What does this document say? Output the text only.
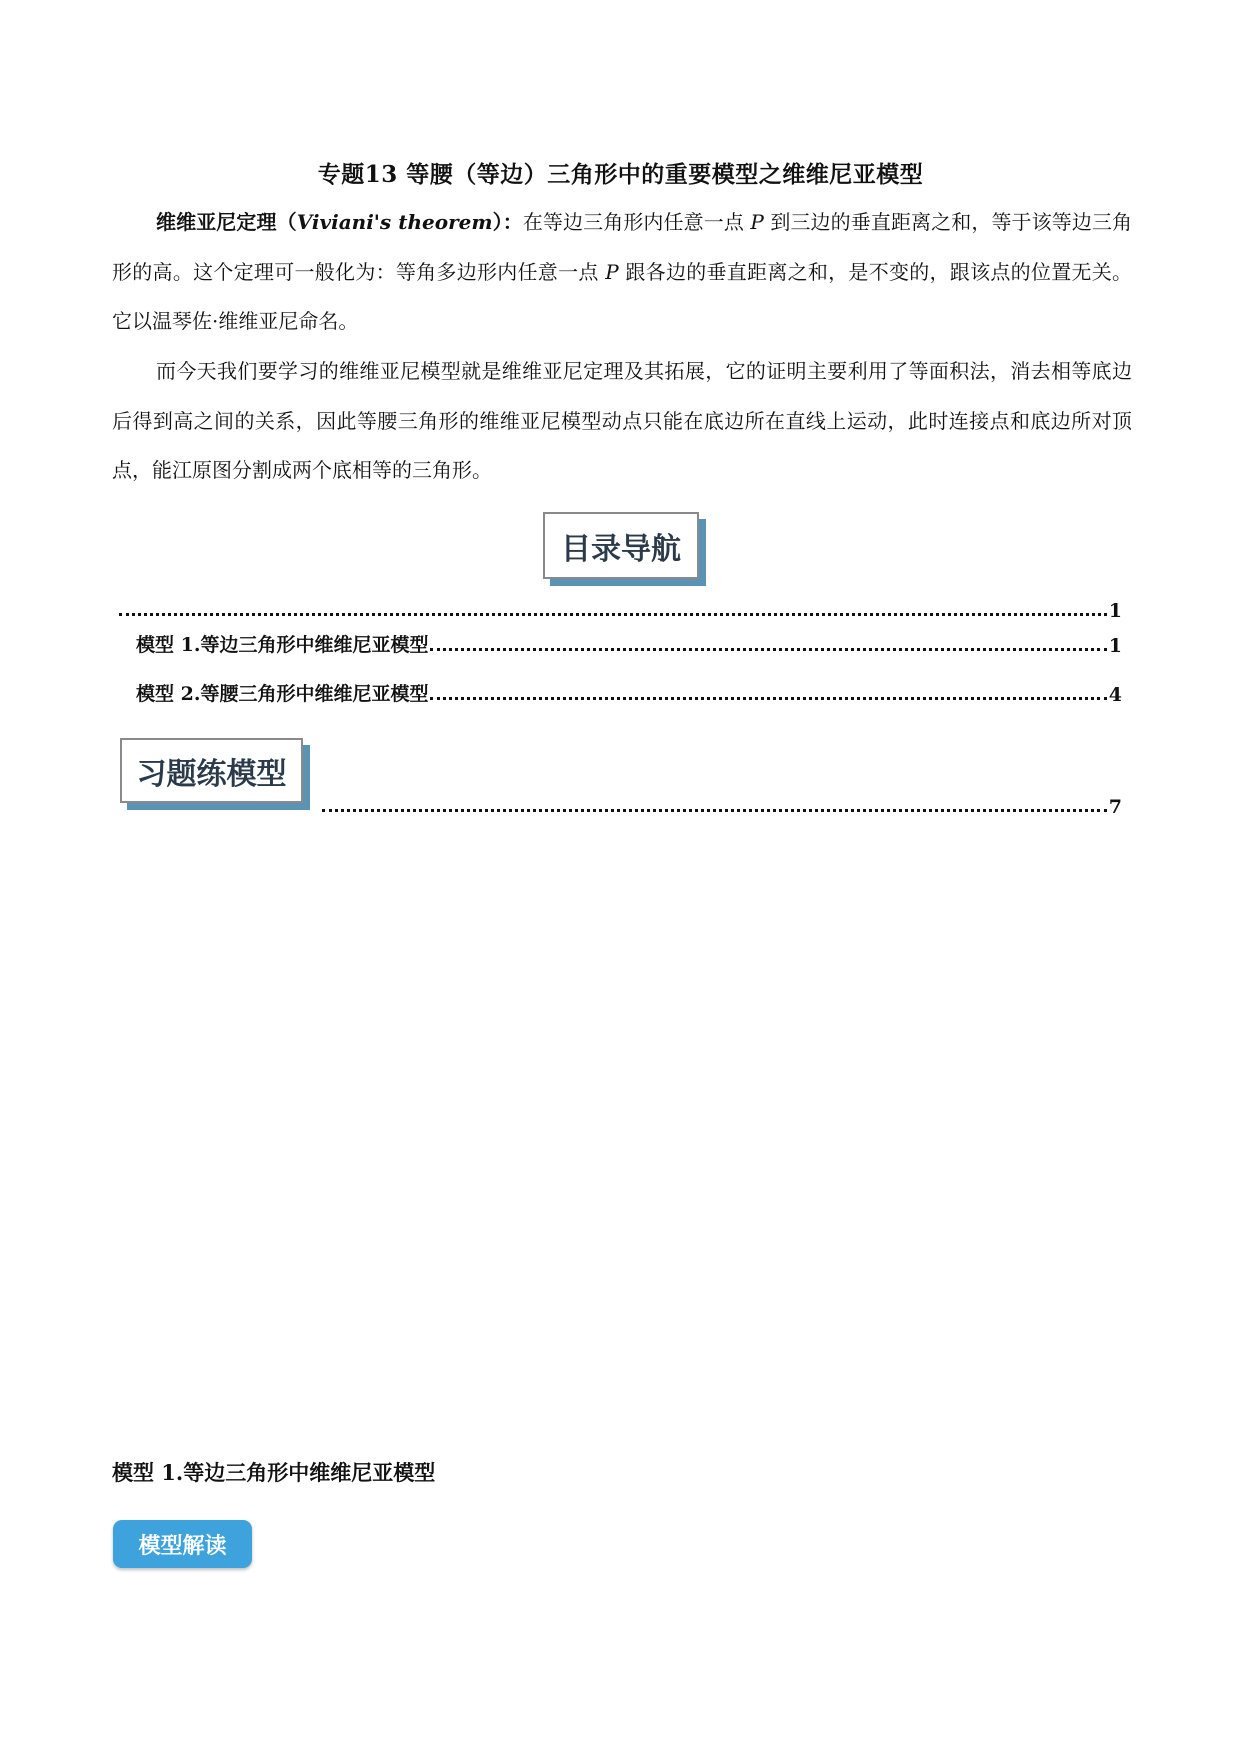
专题13 等腰（等边）三角形中的重要模型之维维尼亚模型
维维亚尼定理（Viviani's theorem）：在等边三角形内任意一点 P 到三边的垂直距离之和，等于该等边三角形的高。这个定理可一般化为：等角多边形内任意一点 P 跟各边的垂直距离之和，是不变的，跟该点的位置无关。它以温琴佐·维维亚尼命名。
而今天我们要学习的维维亚尼模型就是维维亚尼定理及其拓展，它的证明主要利用了等面积法，消去相等底边后得到高之间的关系，因此等腰三角形的维维亚尼模型动点只能在底边所在直线上运动，此时连接点和底边所对顶点，能江原图分割成两个底相等的三角形。
目录导航
1
模型 1.等边三角形中维维尼亚模型	1
模型 2.等腰三角形中维维尼亚模型	4
习题练模型
7
模型 1.等边三角形中维维尼亚模型
模型解读
